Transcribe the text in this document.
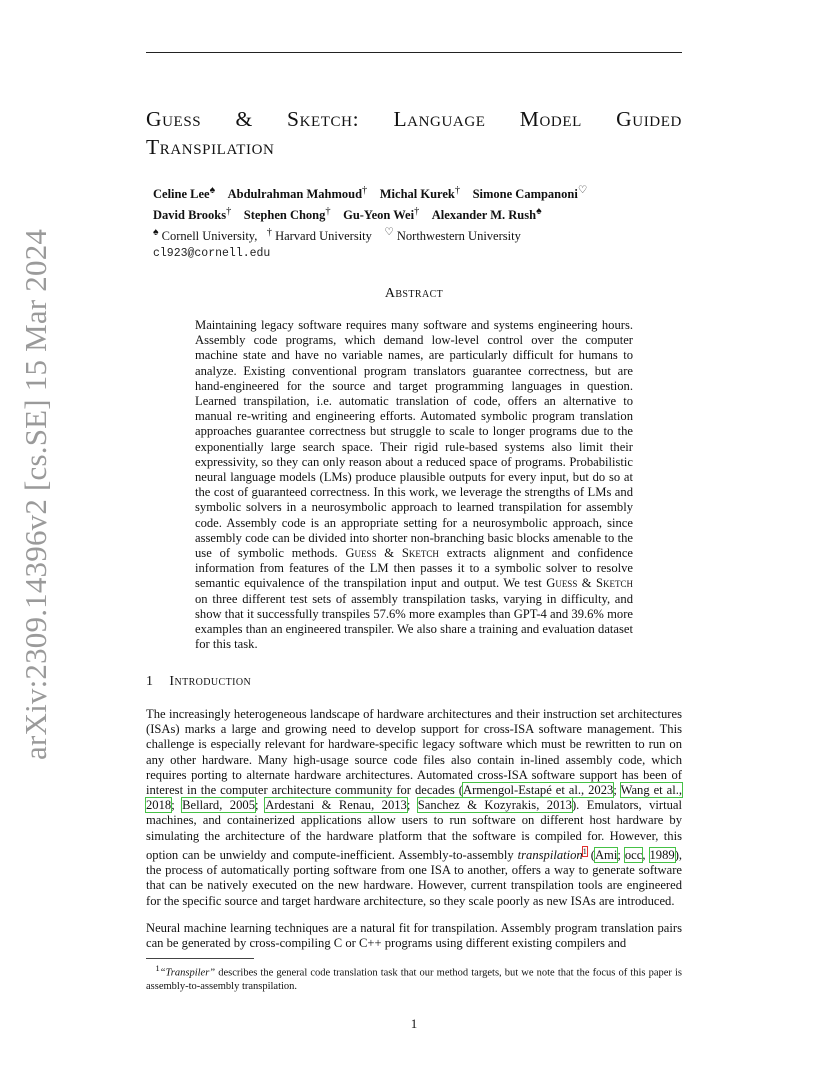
arXiv:2309.14396v2 [cs.SE] 15 Mar 2024
Guess & Sketch: Language Model Guided
Transpilation
Celine Lee♠ Abdulrahman Mahmoud† Michal Kurek† Simone Campanoni♡
David Brooks† Stephen Chong† Gu-Yeon Wei† Alexander M. Rush♠
♠ Cornell University, † Harvard University ♡ Northwestern University
cl923@cornell.edu
Abstract
Maintaining legacy software requires many software and systems engineering hours. Assembly code programs, which demand low-level control over the computer machine state and have no variable names, are particularly difficult for humans to analyze. Existing conventional program translators guarantee correctness, but are hand-engineered for the source and target programming languages in question. Learned transpilation, i.e. automatic translation of code, offers an alternative to manual re-writing and engineering efforts. Automated symbolic program translation approaches guarantee correctness but struggle to scale to longer programs due to the exponentially large search space. Their rigid rule-based systems also limit their expressivity, so they can only reason about a reduced space of programs. Probabilistic neural language models (LMs) produce plausible outputs for every input, but do so at the cost of guaranteed correctness. In this work, we leverage the strengths of LMs and symbolic solvers in a neurosymbolic approach to learned transpilation for assembly code. Assembly code is an appropriate setting for a neurosymbolic approach, since assembly code can be divided into shorter non-branching basic blocks amenable to the use of symbolic methods. Guess & Sketch extracts alignment and confidence information from features of the LM then passes it to a symbolic solver to resolve semantic equivalence of the transpilation input and output. We test Guess & Sketch on three different test sets of assembly transpilation tasks, varying in difficulty, and show that it successfully transpiles 57.6% more examples than GPT-4 and 39.6% more examples than an engineered transpiler. We also share a training and evaluation dataset for this task.
1 Introduction
The increasingly heterogeneous landscape of hardware architectures and their instruction set architectures (ISAs) marks a large and growing need to develop support for cross-ISA software management. This challenge is especially relevant for hardware-specific legacy software which must be rewritten to run on any other hardware. Many high-usage source code files also contain in-lined assembly code, which requires porting to alternate hardware architectures. Automated cross-ISA software support has been of interest in the computer architecture community for decades (Armengol-Estapé et al., 2023; Wang et al., 2018; Bellard, 2005; Ardestani & Renau, 2013; Sanchez & Kozyrakis, 2013). Emulators, virtual machines, and containerized applications allow users to run software on different host hardware by simulating the architecture of the hardware platform that the software is compiled for. However, this option can be unwieldy and compute-inefficient. Assembly-to-assembly transpilation$^1$ (Ami; occ, 1989), the process of automatically porting software from one ISA to another, offers a way to generate software that can be natively executed on the new hardware. However, current transpilation tools are engineered for the specific source and target hardware architecture, so they scale poorly as new ISAs are introduced.
Neural machine learning techniques are a natural fit for transpilation. Assembly program translation pairs can be generated by cross-compiling C or C++ programs using different existing compilers and
$^1$“Transpiler” describes the general code translation task that our method targets, but we note that the focus of this paper is assembly-to-assembly transpilation.
1
